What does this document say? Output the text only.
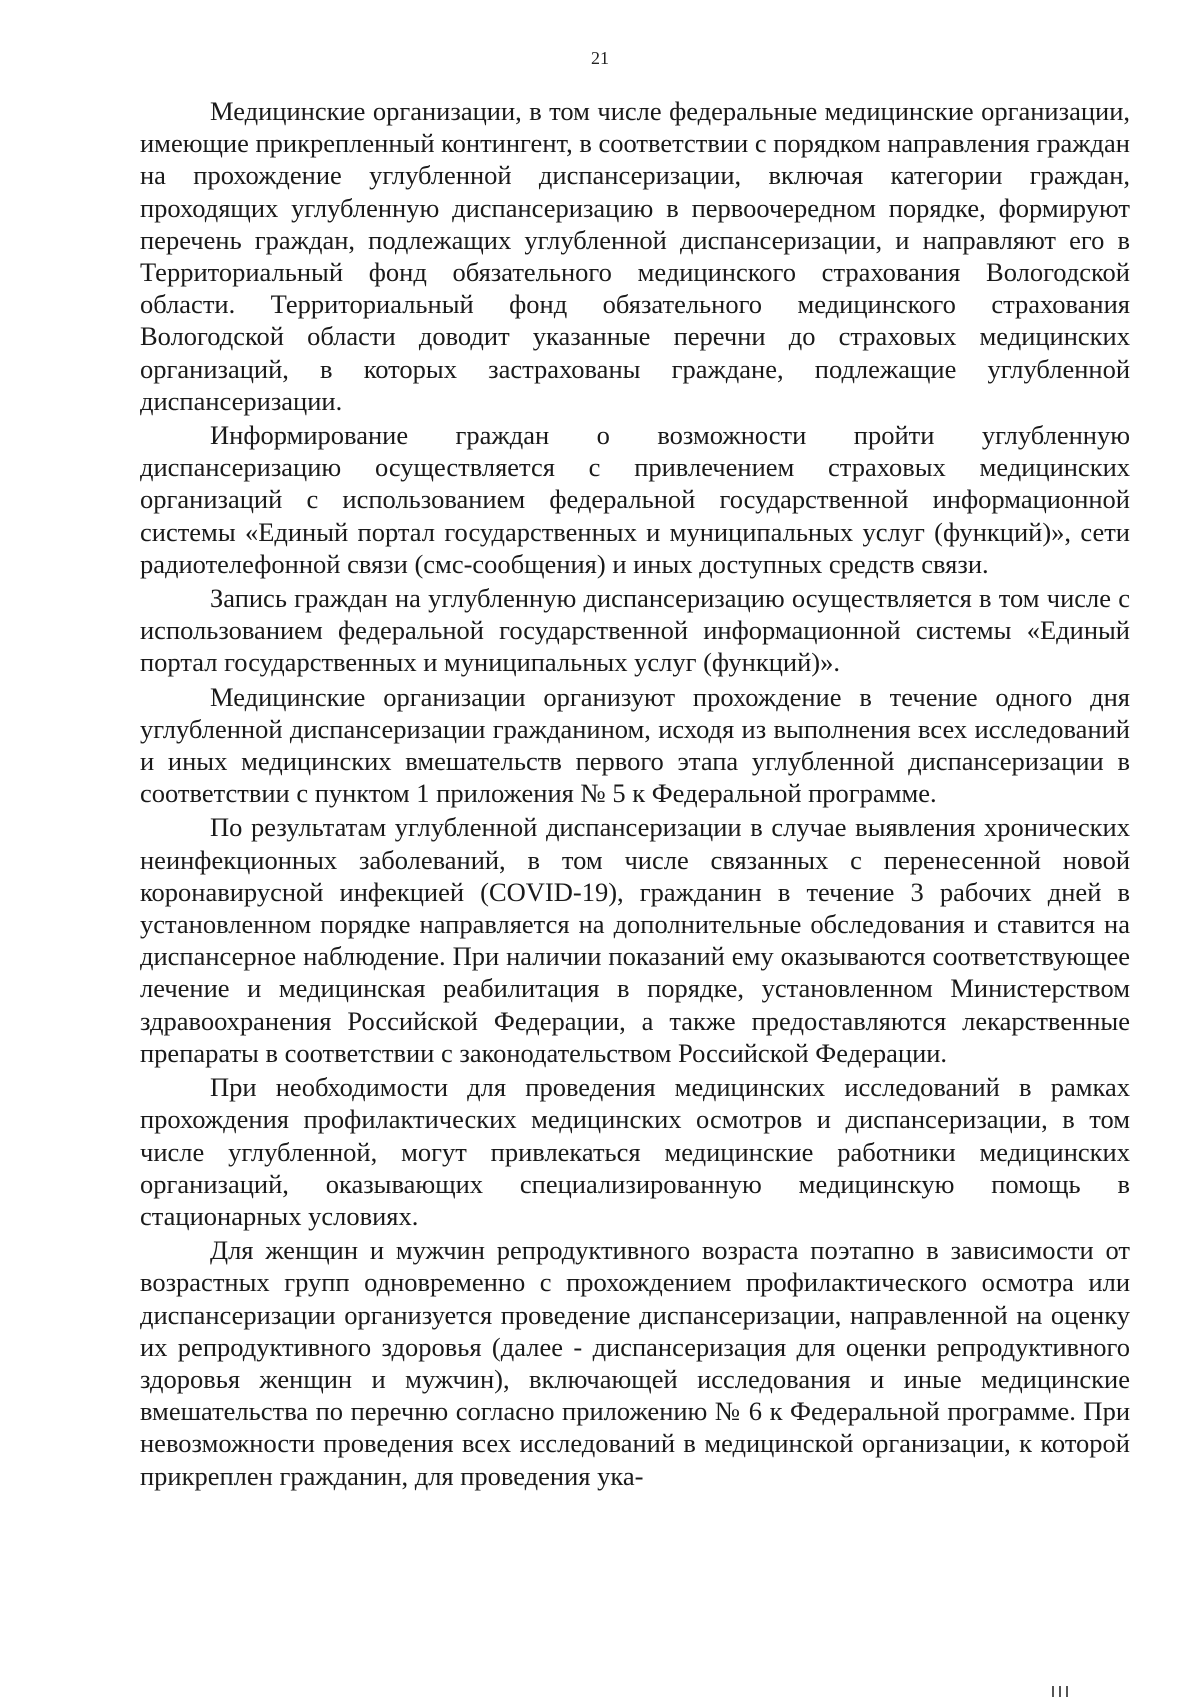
21

Медицинские организации, в том числе федеральные медицинские организации, имеющие прикрепленный контингент, в соответствии с порядком направления граждан на прохождение углубленной диспансеризации, включая категории граждан, проходящих углубленную диспансеризацию в первоочередном порядке, формируют перечень граждан, подлежащих углубленной диспансеризации, и направляют его в Территориальный фонд обязательного медицинского страхования Вологодской области. Территориальный фонд обязательного медицинского страхования Вологодской области доводит указанные перечни до страховых медицинских организаций, в которых застрахованы граждане, подлежащие углубленной диспансеризации.

Информирование граждан о возможности пройти углубленную диспансеризацию осуществляется с привлечением страховых медицинских организаций с использованием федеральной государственной информационной системы «Единый портал государственных и муниципальных услуг (функций)», сети радиотелефонной связи (смс-сообщения) и иных доступных средств связи.

Запись граждан на углубленную диспансеризацию осуществляется в том числе с использованием федеральной государственной информационной системы «Единый портал государственных и муниципальных услуг (функций)».

Медицинские организации организуют прохождение в течение одного дня углубленной диспансеризации гражданином, исходя из выполнения всех исследований и иных медицинских вмешательств первого этапа углубленной диспансеризации в соответствии с пунктом 1 приложения № 5 к Федеральной программе.

По результатам углубленной диспансеризации в случае выявления хронических неинфекционных заболеваний, в том числе связанных с перенесенной новой коронавирусной инфекцией (COVID-19), гражданин в течение 3 рабочих дней в установленном порядке направляется на дополнительные обследования и ставится на диспансерное наблюдение. При наличии показаний ему оказываются соответствующее лечение и медицинская реабилитация в порядке, установленном Министерством здравоохранения Российской Федерации, а также предоставляются лекарственные препараты в соответствии с законодательством Российской Федерации.

При необходимости для проведения медицинских исследований в рамках прохождения профилактических медицинских осмотров и диспансеризации, в том числе углубленной, могут привлекаться медицинские работники медицинских организаций, оказывающих специализированную медицинскую помощь в стационарных условиях.

Для женщин и мужчин репродуктивного возраста поэтапно в зависимости от возрастных групп одновременно с прохождением профилактического осмотра или диспансеризации организуется проведение диспансеризации, направленной на оценку их репродуктивного здоровья (далее - диспансеризация для оценки репродуктивного здоровья женщин и мужчин), включающей исследования и иные медицинские вмешательства по перечню согласно приложению № 6 к Федеральной программе. При невозможности проведения всех исследований в медицинской организации, к которой прикреплен гражданин, для проведения ука-
